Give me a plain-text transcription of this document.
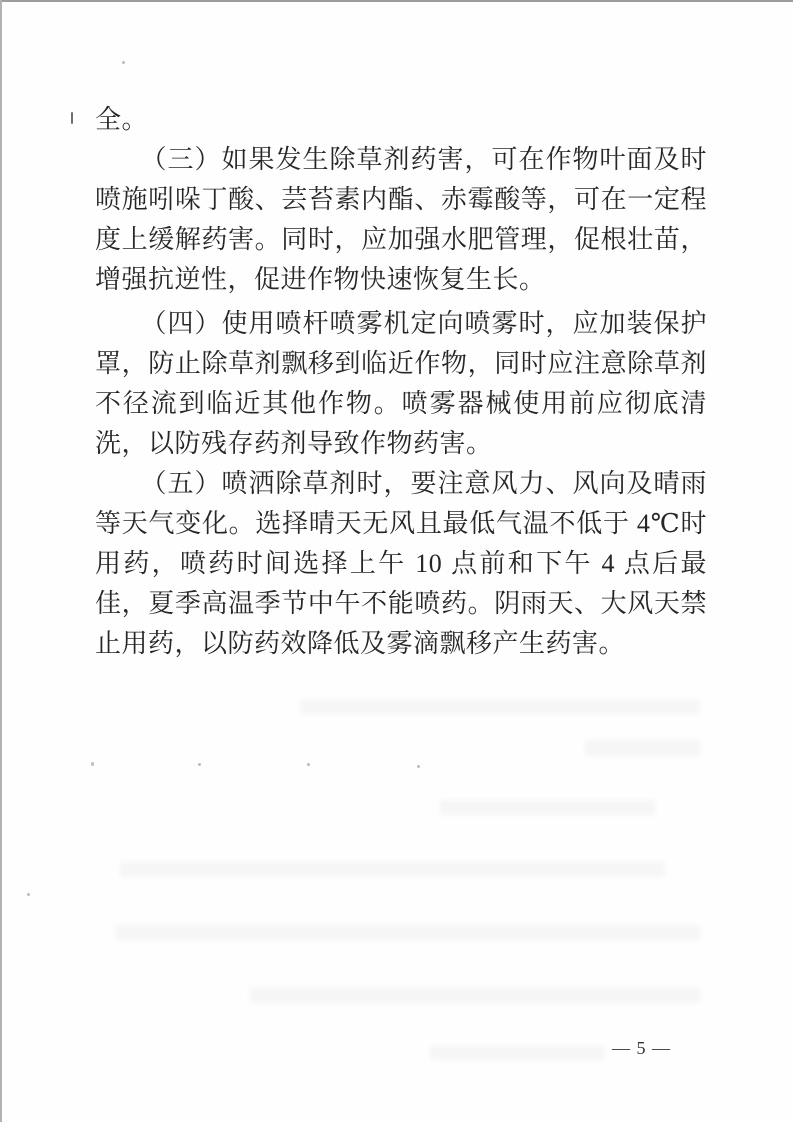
全。

（三）如果发生除草剂药害，可在作物叶面及时喷施吲哚丁酸、芸苔素内酯、赤霉酸等，可在一定程度上缓解药害。同时，应加强水肥管理，促根壮苗，增强抗逆性，促进作物快速恢复生长。

（四）使用喷杆喷雾机定向喷雾时，应加装保护罩，防止除草剂飘移到临近作物，同时应注意除草剂不径流到临近其他作物。喷雾器械使用前应彻底清洗，以防残存药剂导致作物药害。

（五）喷洒除草剂时，要注意风力、风向及晴雨等天气变化。选择晴天无风且最低气温不低于 4℃时用药，喷药时间选择上午 10 点前和下午 4 点后最佳，夏季高温季节中午不能喷药。阴雨天、大风天禁止用药，以防药效降低及雾滴飘移产生药害。

— 5 —
